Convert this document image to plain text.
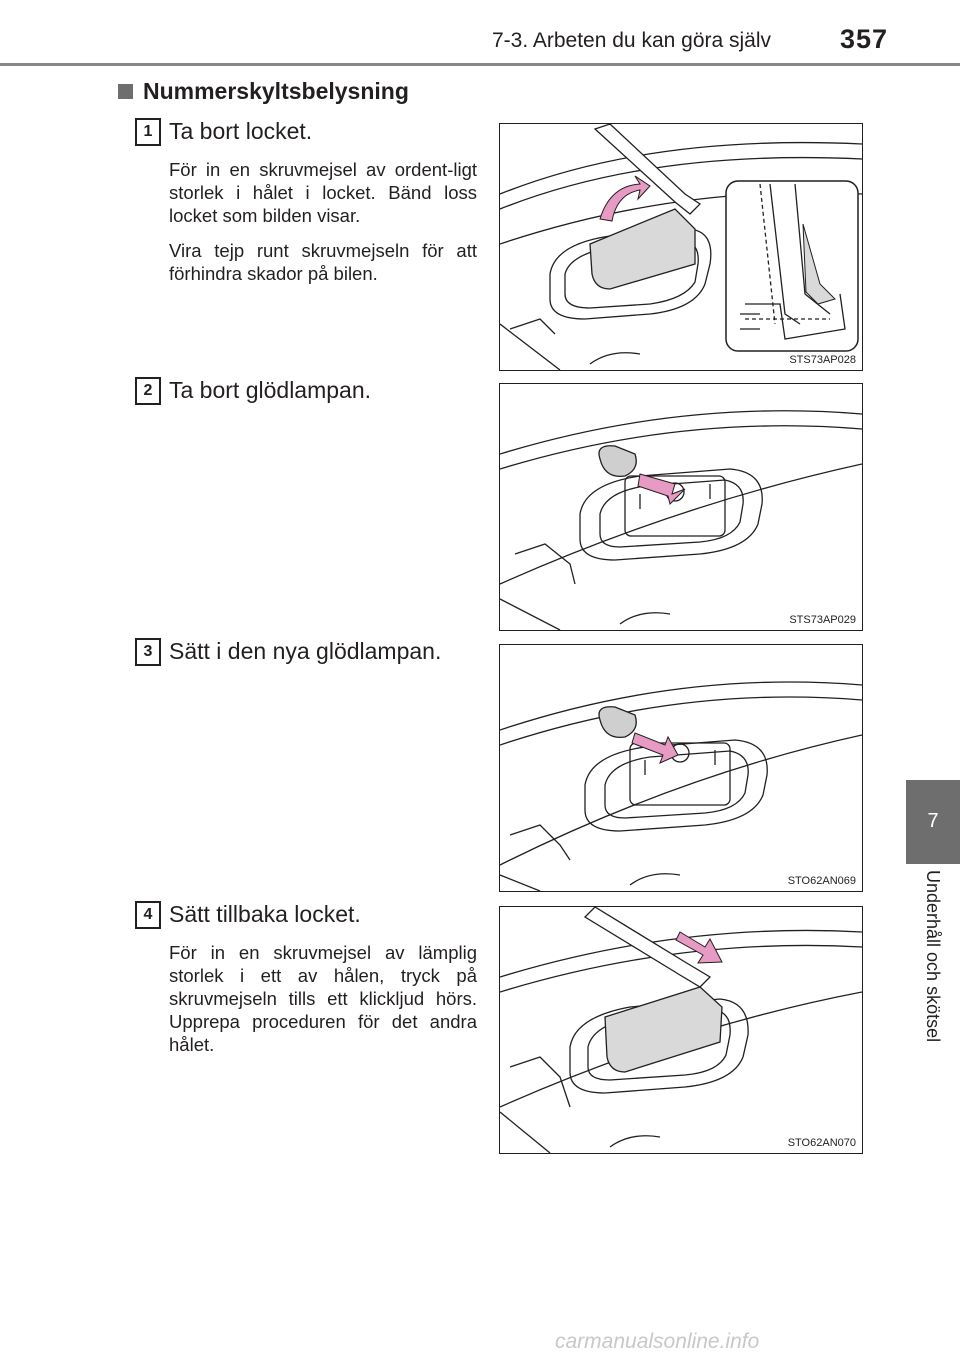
7-3. Arbeten du kan göra själv	357
7
Underhåll och skötsel
Nummerskyltsbelysning
1 Ta bort locket.

För in en skruvmejsel av ordent-ligt storlek i hålet i locket. Bänd loss locket som bilden visar.

Vira tejp runt skruvmejseln för att förhindra skador på bilen.

STS73AP028
2 Ta bort glödlampan.
STS73AP029
3 Sätt i den nya glödlampan.
STO62AN069
4 Sätt tillbaka locket.

För in en skruvmejsel av lämplig storlek i ett av hålen, tryck på skruvmejseln tills ett klickljud hörs. Upprepa proceduren för det andra hålet.

STO62AN070
carmanualsonline.info
